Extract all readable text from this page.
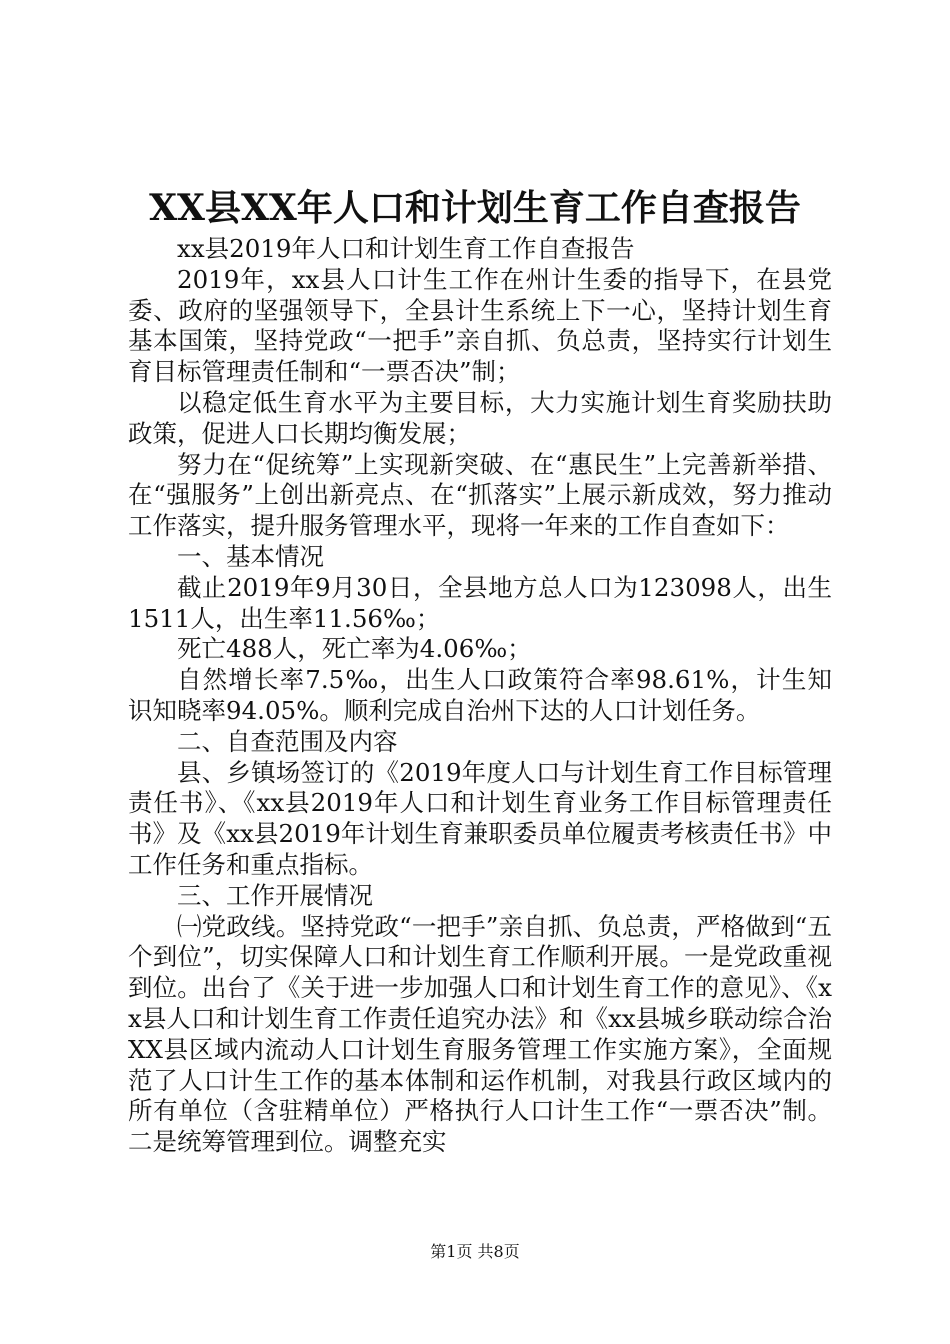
XX县XX年人口和计划生育工作自查报告

xx县2019年人口和计划生育工作自查报告

2019年，xx县人口计生工作在州计生委的指导下，在县党委、政府的坚强领导下，全县计生系统上下一心，坚持计划生育基本国策，坚持党政“一把手”亲自抓、负总责，坚持实行计划生育目标管理责任制和“一票否决”制；

以稳定低生育水平为主要目标，大力实施计划生育奖励扶助政策，促进人口长期均衡发展；

努力在“促统筹”上实现新突破、在“惠民生”上完善新举措、在“强服务”上创出新亮点、在“抓落实”上展示新成效，努力推动工作落实，提升服务管理水平，现将一年来的工作自查如下：

一、基本情况

截止2019年9月30日，全县地方总人口为123098人，出生1511人，出生率11.56‰；

死亡488人，死亡率为4.06‰；

自然增长率7.5‰，出生人口政策符合率98.61%，计生知识知晓率94.05%。顺利完成自治州下达的人口计划任务。

二、自查范围及内容

县、乡镇场签订的《2019年度人口与计划生育工作目标管理责任书》、《xx县2019年人口和计划生育业务工作目标管理责任书》及《xx县2019年计划生育兼职委员单位履责考核责任书》中工作任务和重点指标。

三、工作开展情况

㈠党政线。坚持党政“一把手”亲自抓、负总责，严格做到“五个到位”，切实保障人口和计划生育工作顺利开展。一是党政重视到位。出台了《关于进一步加强人口和计划生育工作的意见》、《xx县人口和计划生育工作责任追究办法》和《xx县城乡联动综合治XX县区域内流动人口计划生育服务管理工作实施方案》，全面规范了人口计生工作的基本体制和运作机制，对我县行政区域内的所有单位（含驻精单位）严格执行人口计生工作“一票否决”制。二是统筹管理到位。调整充实

第1页 共8页
